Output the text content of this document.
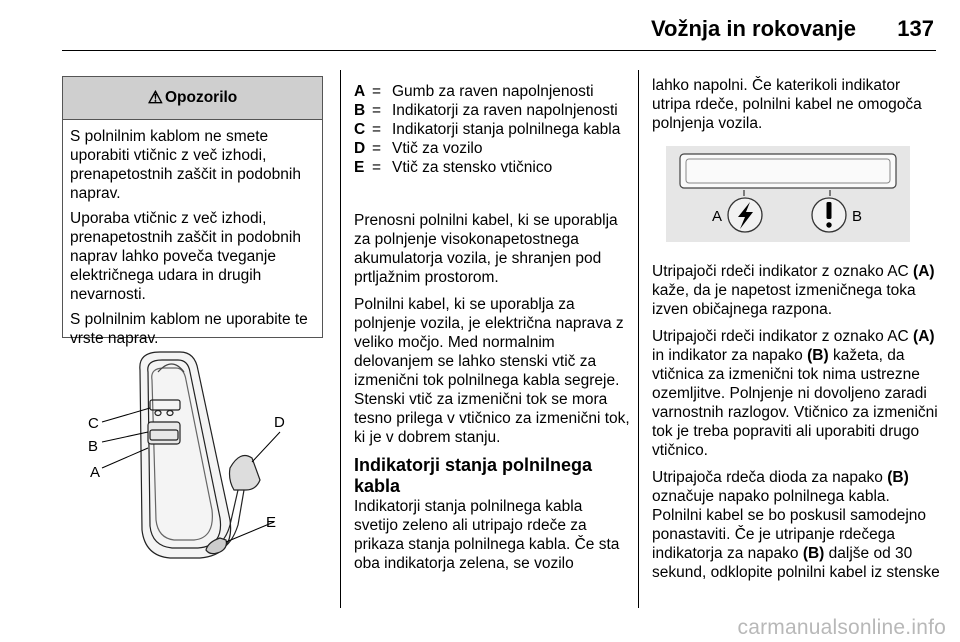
Vožnja in rokovanje 137
⚠ Opozorilo

S polnilnim kablom ne smete uporabiti vtičnic z več izhodi, prenapetostnih zaščit in podobnih naprav.

Uporaba vtičnic z več izhodi, prenapetostnih zaščit in podobnih naprav lahko poveča tveganje električnega udara in drugih nevarnosti.

S polnilnim kablom ne uporabite te vrste naprav.

C
B
A
D
E
A = Gumb za raven napolnjenosti
B = Indikatorji za raven napolnjenosti
C = Indikatorji stanja polnilnega kabla
D = Vtič za vozilo
E = Vtič za stensko vtičnico

Prenosni polnilni kabel, ki se uporablja za polnjenje visokonapetostnega akumulatorja vozila, je shranjen pod prtljažnim prostorom.

Polnilni kabel, ki se uporablja za polnjenje vozila, je električna naprava z veliko močjo. Med normalnim delovanjem se lahko stenski vtič za izmenični tok polnilnega kabla segreje. Stenski vtič za izmenični tok se mora tesno prilega v vtičnico za izmenični tok, ki je v dobrem stanju.

Indikatorji stanja polnilnega kabla

Indikatorji stanja polnilnega kabla svetijo zeleno ali utripajo rdeče za prikaza stanja polnilnega kabla. Če sta oba indikatorja zelena, se vozilo

lahko napolni. Če katerikoli indikator utripa rdeče, polnilni kabel ne omogoča polnjenja vozila.

A	B

Utripajoči rdeči indikator z oznako AC (A) kaže, da je napetost izmeničnega toka izven običajnega razpona.

Utripajoči rdeči indikator z oznako AC (A) in indikator za napako (B) kažeta, da vtičnica za izmenični tok nima ustrezne ozemljitve. Polnjenje ni dovoljeno zaradi varnostnih razlogov. Vtičnico za izmenični tok je treba popraviti ali uporabiti drugo vtičnico.

Utripajoča rdeča dioda za napako (B) označuje napako polnilnega kabla. Polnilni kabel se bo poskusil samodejno ponastaviti. Če je utripanje rdečega indikatorja za napako (B) daljše od 30 sekund, odklopite polnilni kabel iz stenske

carmanualsonline.info
